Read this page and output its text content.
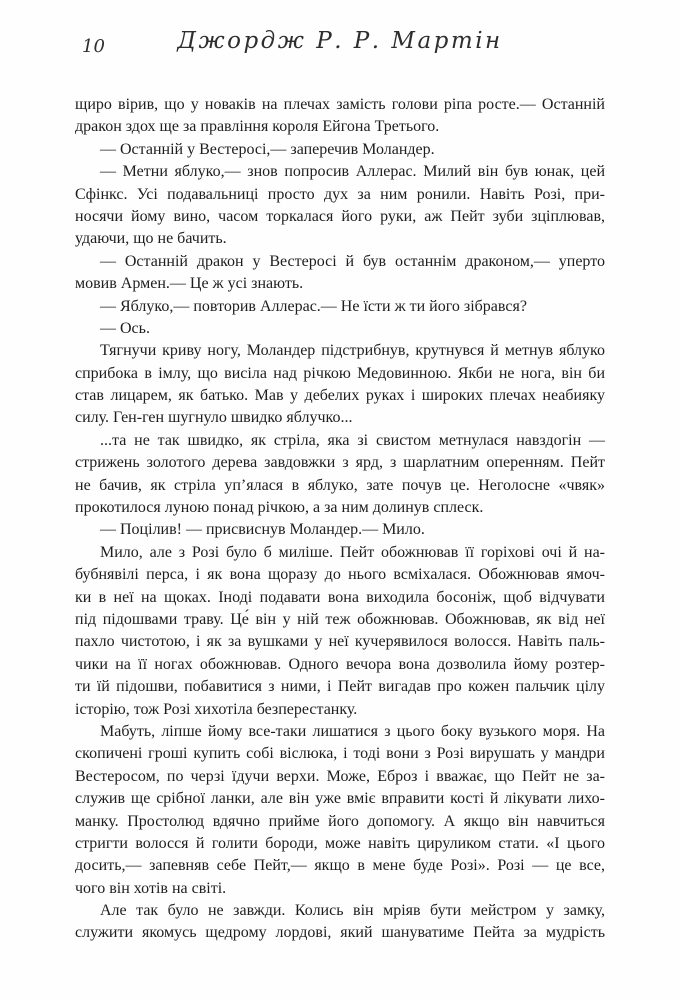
10	Джордж Р. Р. Мартін
щиро вірив, що у новаків на плечах замість голови ріпа росте.— Останній
дракон здох ще за правління короля Ейгона Третього.
— Останній у Вестеросі,— заперечив Моландер.
— Метни яблуко,— знов попросив Аллерас. Милий він був юнак, цей
Сфінкс. Усі подавальниці просто дух за ним ронили. Навіть Розі, при-
носячи йому вино, часом торкалася його руки, аж Пейт зуби зціплював,
удаючи, що не бачить.
— Останній дракон у Вестеросі й був останнім драконом,— уперто
мовив Армен.— Це ж усі знають.
— Яблуко,— повторив Аллерас.— Не їсти ж ти його зібрався?
— Ось.
Тягнучи криву ногу, Моландер підстрибнув, крутнувся й метнув яблуко
сприбока в імлу, що висіла над річкою Медовинною. Якби не нога, він би
став лицарем, як батько. Мав у дебелих руках і широких плечах неабияку
силу. Ген-ген шугнуло швидко яблучко...
...та не так швидко, як стріла, яка зі свистом метнулася навздогін —
стрижень золотого дерева завдовжки з ярд, з шарлатним оперенням. Пейт
не бачив, як стріла уп’ялася в яблуко, зате почув це. Неголосне «чвяк»
прокотилося луною понад річкою, а за ним долинув сплеск.
— Поцілив! — присвиснув Моландер.— Мило.
Мило, але з Розі було б миліше. Пейт обожнював її горіхові очі й на-
бубнявілі перса, і як вона щоразу до нього всміхалася. Обожнював ямоч-
ки в неї на щоках. Іноді подавати вона виходила босоніж, щоб відчувати
під підошвами траву. Це́ він у ній теж обожнював. Обожнював, як від неї
пахло чистотою, і як за вушками у неї кучерявилося волосся. Навіть паль-
чики на її ногах обожнював. Одного вечора вона дозволила йому розтер-
ти їй підошви, побавитися з ними, і Пейт вигадав про кожен пальчик цілу
історію, тож Розі хихотіла безперестанку.
Мабуть, ліпше йому все-таки лишатися з цього боку вузького моря. На
скопичені гроші купить собі віслюка, і тоді вони з Розі вирушать у мандри
Вестеросом, по черзі їдучи верхи. Може, Еброз і вважає, що Пейт не за-
служив ще срібної ланки, але він уже вміє вправити кості й лікувати лихо-
манку. Простолюд вдячно прийме його допомогу. А якщо він навчиться
стригти волосся й голити бороди, може навіть цируликом стати. «І цього
досить,— запевняв себе Пейт,— якщо в мене буде Розі». Розі — це все,
чого він хотів на світі.
Але так було не завжди. Колись він мріяв бути мейстром у замку,
служити якомусь щедрому лордові, який шануватиме Пейта за мудрість
